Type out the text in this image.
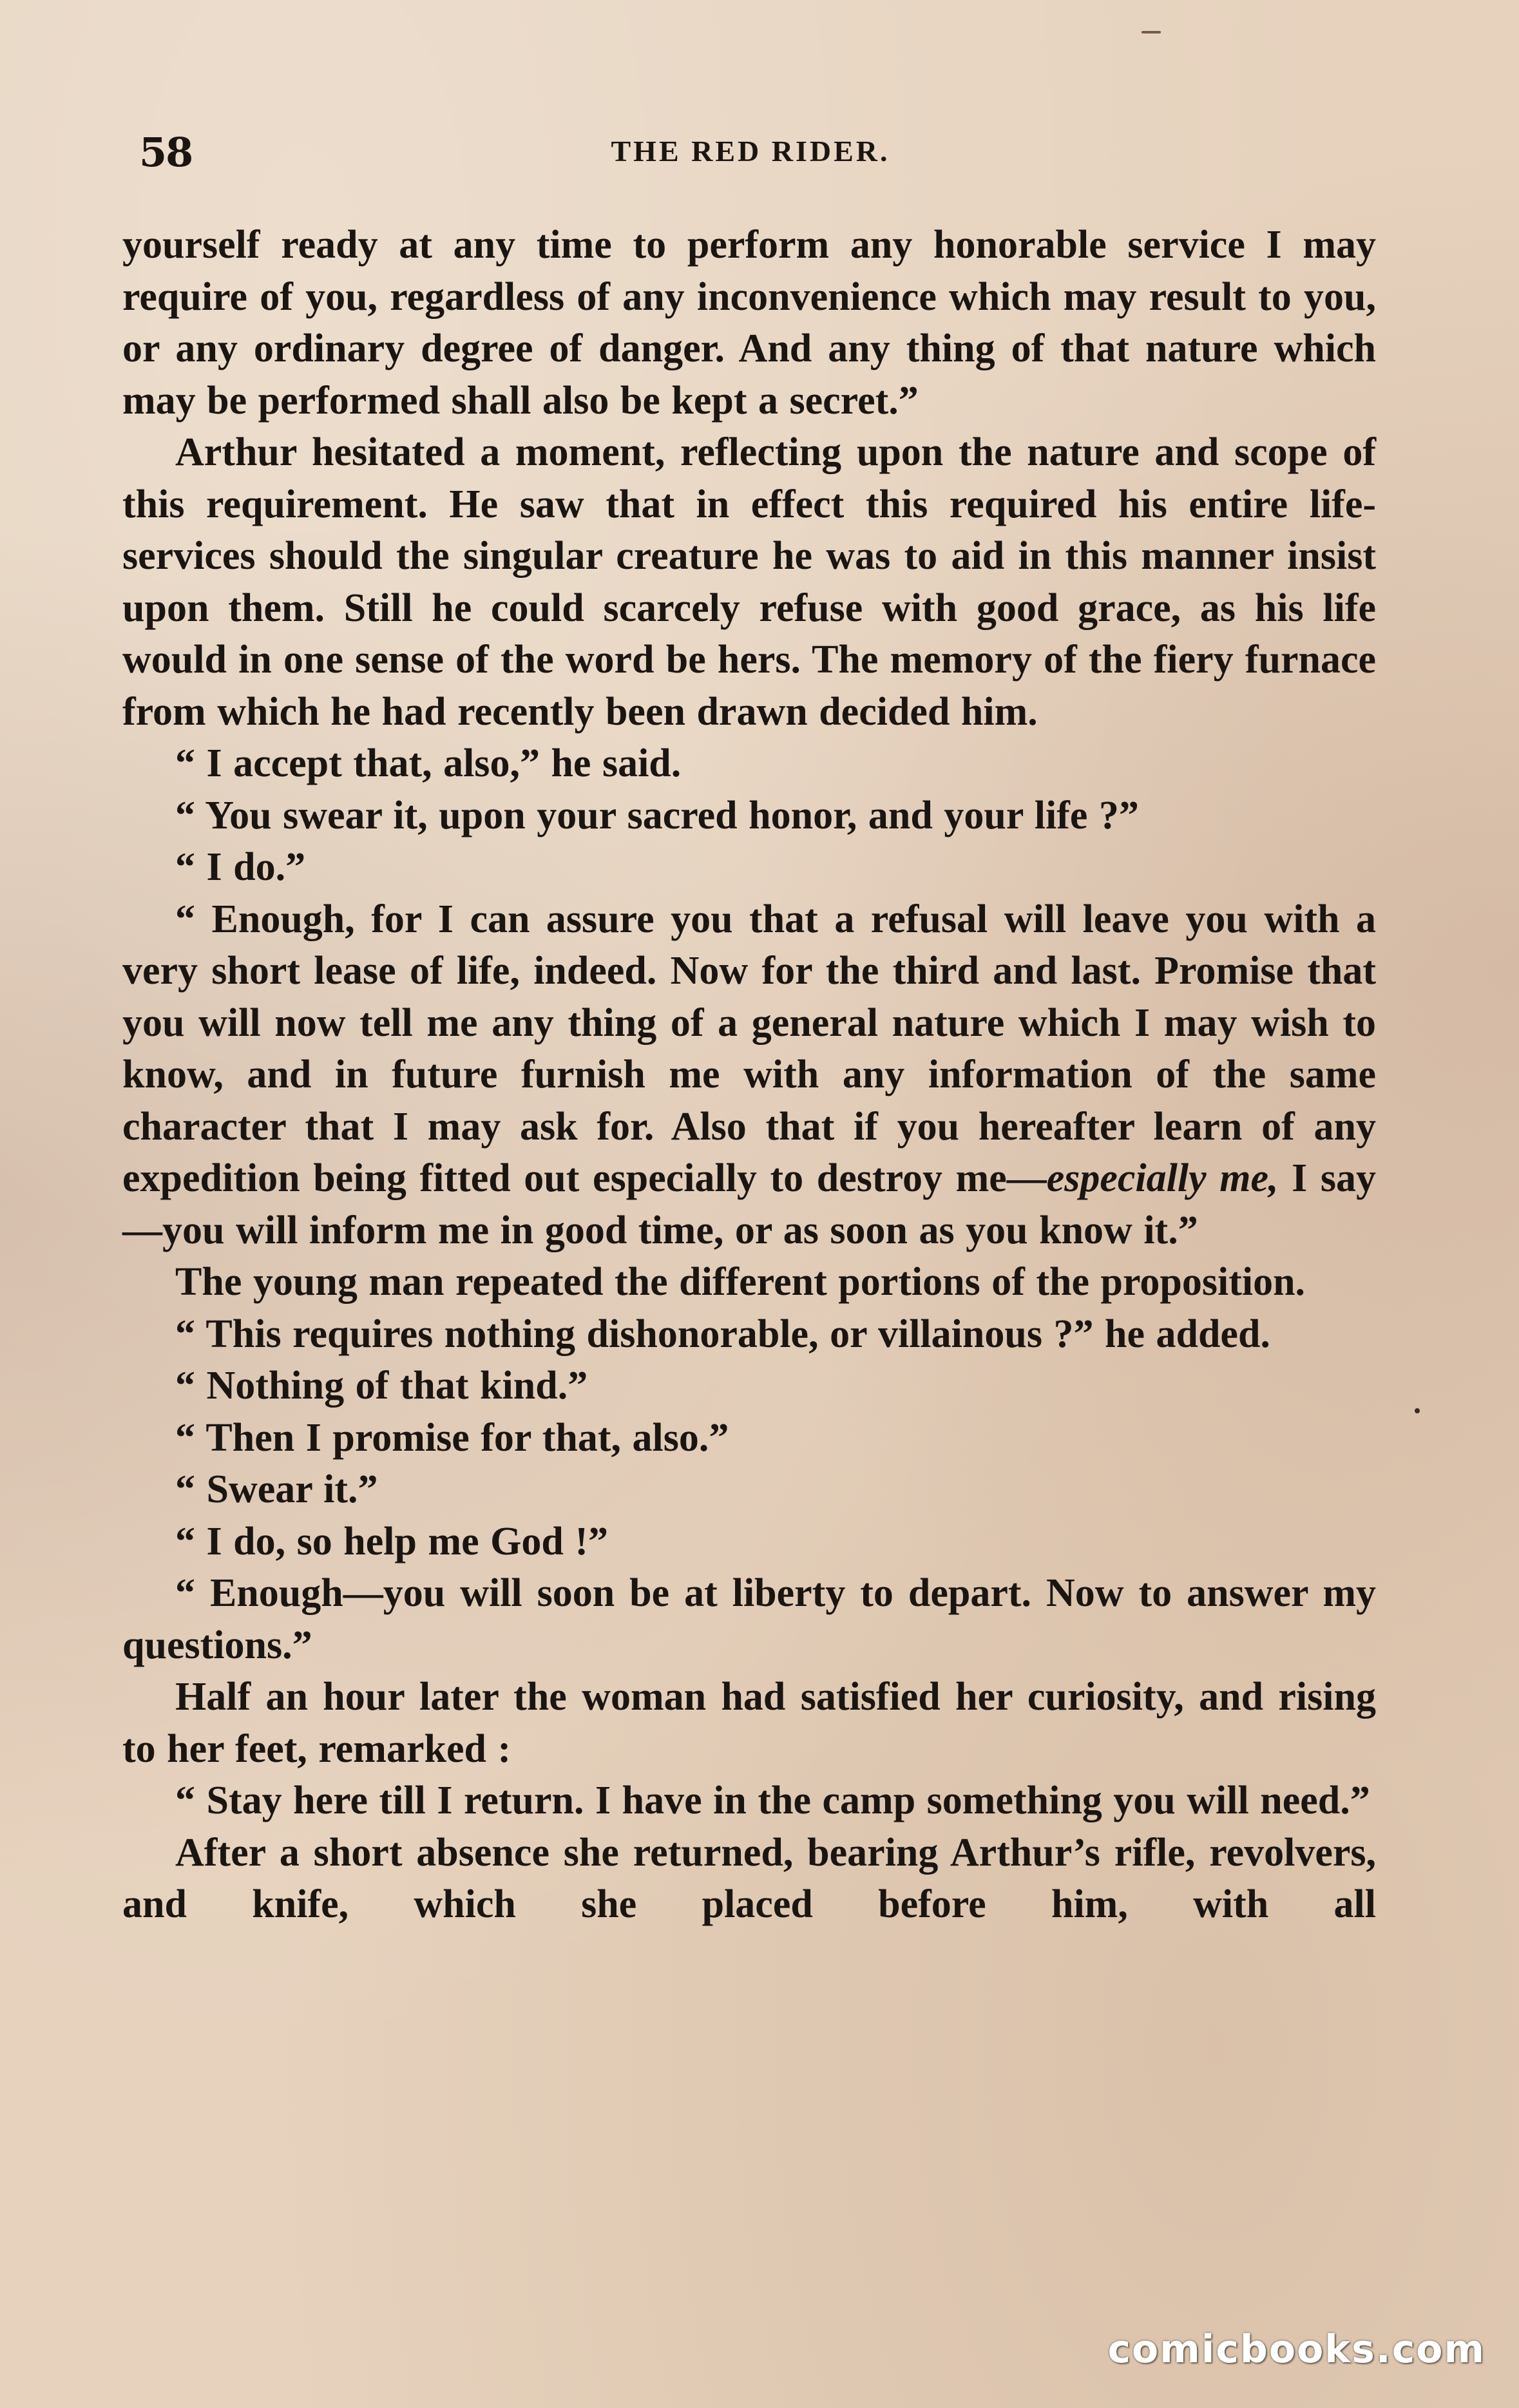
58	THE RED RIDER.

yourself ready at any time to perform any honorable service I may require of you, regardless of any inconvenience which may result to you, or any ordinary degree of danger. And any thing of that nature which may be performed shall also be kept a secret.”

Arthur hesitated a moment, reflecting upon the nature and scope of this requirement. He saw that in effect this required his entire life-services should the singular creature he was to aid in this manner insist upon them. Still he could scarcely refuse with good grace, as his life would in one sense of the word be hers. The memory of the fiery furnace from which he had recently been drawn decided him.

“ I accept that, also,” he said.

“ You swear it, upon your sacred honor, and your life ?”

“ I do.”

“ Enough, for I can assure you that a refusal will leave you with a very short lease of life, indeed. Now for the third and last. Promise that you will now tell me any thing of a general nature which I may wish to know, and in future furnish me with any information of the same character that I may ask for. Also that if you hereafter learn of any expedition being fitted out especially to destroy me—especially me, I say—you will inform me in good time, or as soon as you know it.”

The young man repeated the different portions of the proposition.

“ This requires nothing dishonorable, or villainous ?” he added.

“ Nothing of that kind.”

“ Then I promise for that, also.”

“ Swear it.”

“ I do, so help me God !”

“ Enough—you will soon be at liberty to depart. Now to answer my questions.”

Half an hour later the woman had satisfied her curiosity, and rising to her feet, remarked :

“ Stay here till I return. I have in the camp something you will need.”

After a short absence she returned, bearing Arthur’s rifle, revolvers, and knife, which she placed before him, with all

comicbooks.com
